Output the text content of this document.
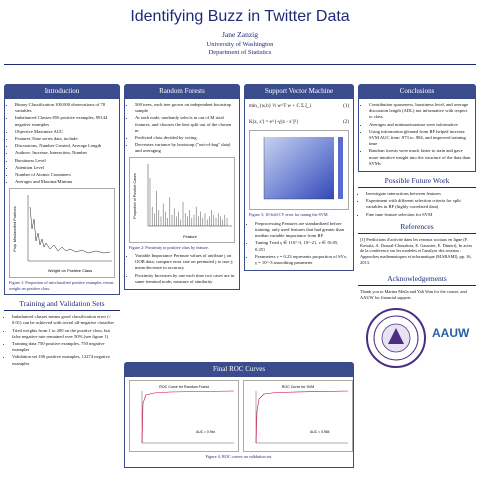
Identifying Buzz in Twitter Data
Jane Zanzig
University of Washington
Department of Statistics
Introduction
• Binary Classification 100,000 observations of 78 variables
• Imbalanced Classes 856 positive examples, 99144 negative examples
• Objective Maximize AUC
• Features Time series data, include:
• Discussions, Number Created, Average Length
• Authors: Increase, Interaction, Number
• Burstiness Level
• Attention Level
• Number of Atomic Containers
• Averages and Maxima/Minima
Weight on Positive Class
Prop. Misclassified Positives
Figure 1: Proportion of misclassified positive examples versus weight on positive class.
Training and Validation Sets
• Imbalanced classes means good classification error (< 0.01) can be achieved with trivial all-negative classifier
• Tried weights from 1 to 200 on the positive class, but false negative rate remained over 50% (see figure 1)
• Training data 750 positive examples, 750 negative examples
• Validation set 106 positive examples, 12274 negative examples
Random Forests
• 500 trees, each tree grown on independent bootstrap sample
• At each node, randomly selects m out of M total features, and chooses the best split out of the chosen m
• Predicted class decided by voting
• Decreases variance by bootstrap ("out-of-bag" data) and averaging
Feature
Proportion of Positive Cases
Figure 2: Proximity to positive class by feature.
• Variable Importance Permute values of attribute j on OOB data; compare error rate on permuted j to true j; mean decrease in accuracy
• Proximity Increases by one each time two cases are in same terminal node; measure of similarity
Support Vector Machine
min_{w,b} ½ w^T w + C Σ ξ_i	(1)
K(x, x') = e^{-γ||x - x'||²}	(2)
Figure 3: 10-fold CV error for tuning the SVM.
• Preprocessing Features are standardized before training; only used features that had greater than median variable importance from RF
• Tuning Tried γ ∈ {10^-3, 10^-2}, ν ∈ {0.05, 0.25}
• Parameters ν = 0.23 represents proportion of SVs; γ = 10^-3 smoothing parameter
Conclusions
• Contribution sparseness, burstiness level, and average discussion length (ADL) not informative with respect to class
• Averages and minima/maxima were informative
• Using information gleaned from RF helped increase SVM AUC from .973 to .984, and improved training time
• Random forests were much faster to train and gave more intuitive insight into the structure of the data than SVMs
Possible Future Work
• Investigate interactions between features
• Experiment with different selection criteria for split variables in RF (highly correlated data)
• Fine tune feature selection for SVM
References
[1] Predictions d'activite dans les reseaux sociaux en ligne (F. Kawala, A. Douzal-Chouakria, E. Gaussier, E. Dimert), In actes de la conference sur les modeles et l'analyse des reseaux : Approches mathematiques et informatique (MARAMI), pp. 16, 2013.
Acknowledgements
Thank you to Marina Meila and Yali Wan for the course, and AAUW for financial support.
AAUW
Final ROC Curves
ROC Curve for Random Forest
AUC = 0.9xx
ROC Curve for SVM
AUC = 0.984
Figure 4: ROC curves on validation set.
